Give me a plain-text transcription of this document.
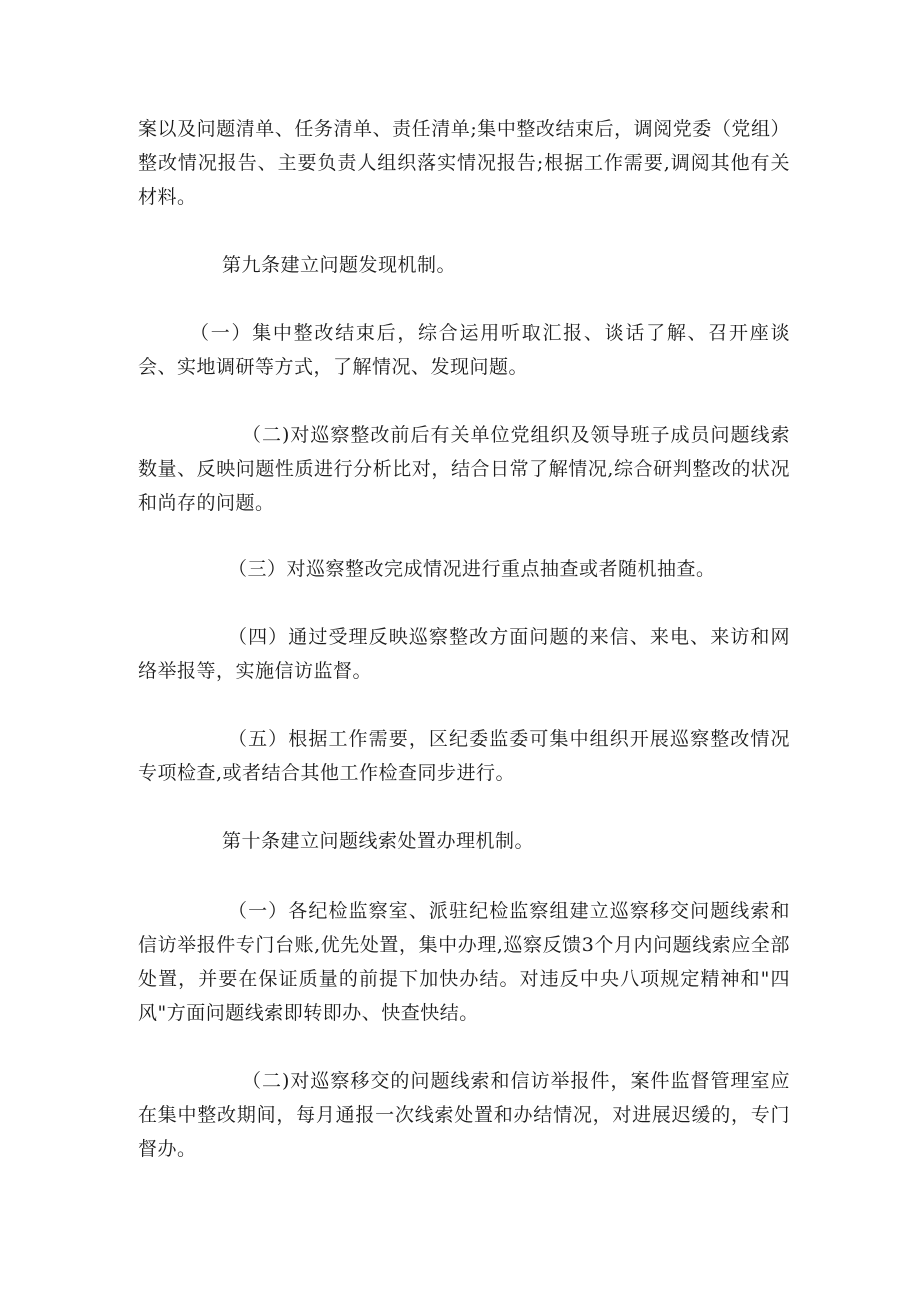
案以及问题清单、任务清单、责任清单;集中整改结束后，调阅党委（党组）整改情况报告、主要负责人组织落实情况报告;根据工作需要,调阅其他有关材料。

第九条建立问题发现机制。

（一）集中整改结束后，综合运用听取汇报、谈话了解、召开座谈会、实地调研等方式，了解情况、发现问题。

（二)对巡察整改前后有关单位党组织及领导班子成员问题线索数量、反映问题性质进行分析比对，结合日常了解情况,综合研判整改的状况和尚存的问题。

（三）对巡察整改完成情况进行重点抽查或者随机抽查。

（四）通过受理反映巡察整改方面问题的来信、来电、来访和网络举报等，实施信访监督。

（五）根据工作需要，区纪委监委可集中组织开展巡察整改情况专项检查,或者结合其他工作检查同步进行。

第十条建立问题线索处置办理机制。

（一）各纪检监察室、派驻纪检监察组建立巡察移交问题线索和信访举报件专门台账,优先处置，集中办理,巡察反馈3个月内问题线索应全部处置，并要在保证质量的前提下加快办结。对违反中央八项规定精神和"四风"方面问题线索即转即办、快查快结。

（二)对巡察移交的问题线索和信访举报件，案件监督管理室应在集中整改期间，每月通报一次线索处置和办结情况，对进展迟缓的，专门督办。
